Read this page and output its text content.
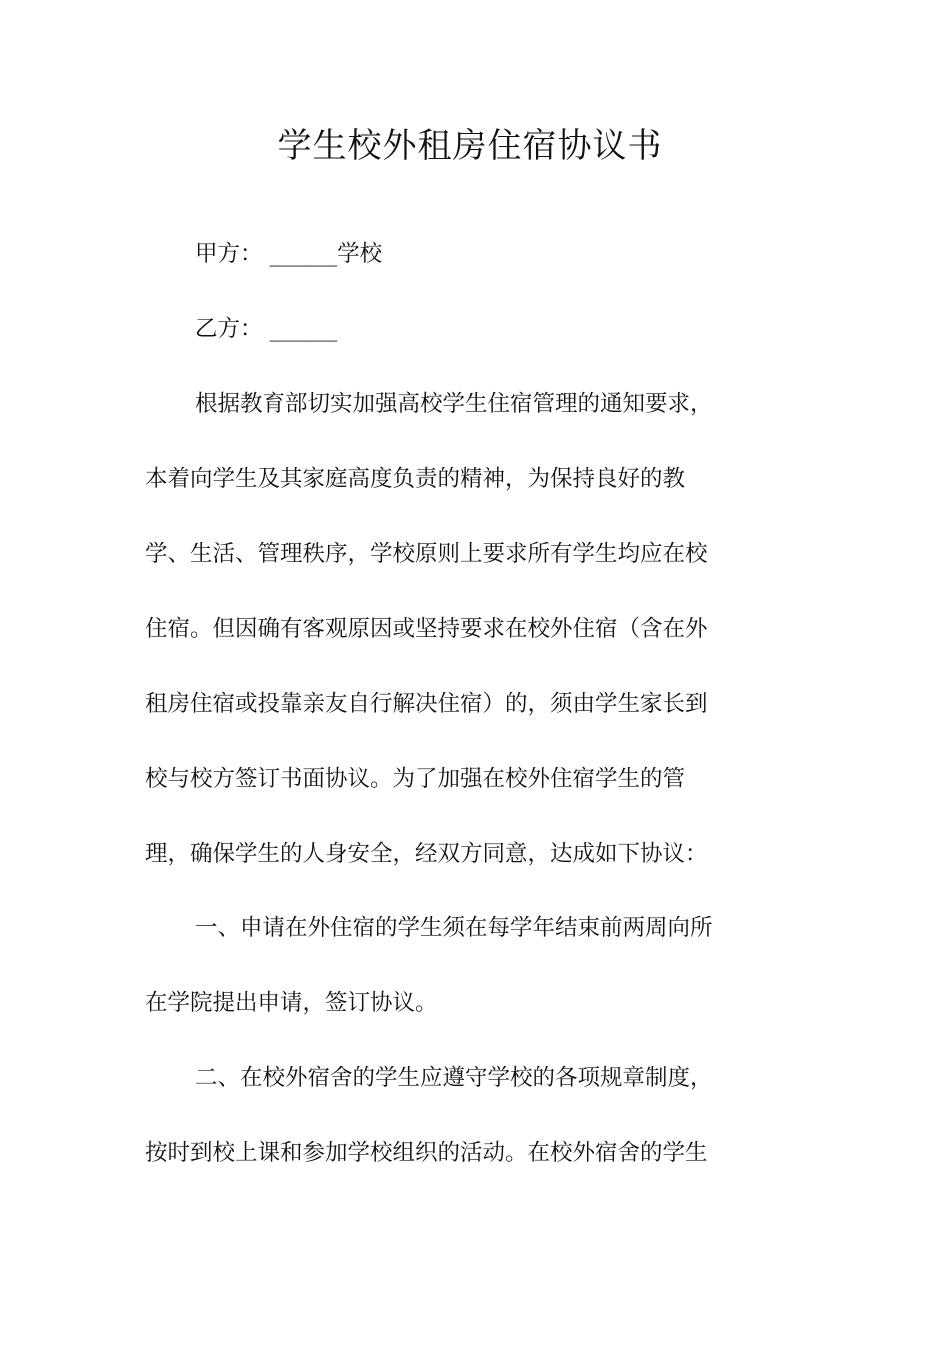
学生校外租房住宿协议书
甲方： ______学校
乙方： ______
根据教育部切实加强高校学生住宿管理的通知要求，
本着向学生及其家庭高度负责的精神，为保持良好的教
学、生活、管理秩序，学校原则上要求所有学生均应在校
住宿。但因确有客观原因或坚持要求在校外住宿（含在外
租房住宿或投靠亲友自行解决住宿）的，须由学生家长到
校与校方签订书面协议。为了加强在校外住宿学生的管
理，确保学生的人身安全，经双方同意，达成如下协议：
一、申请在外住宿的学生须在每学年结束前两周向所
在学院提出申请，签订协议。
二、在校外宿舍的学生应遵守学校的各项规章制度，
按时到校上课和参加学校组织的活动。在校外宿舍的学生
